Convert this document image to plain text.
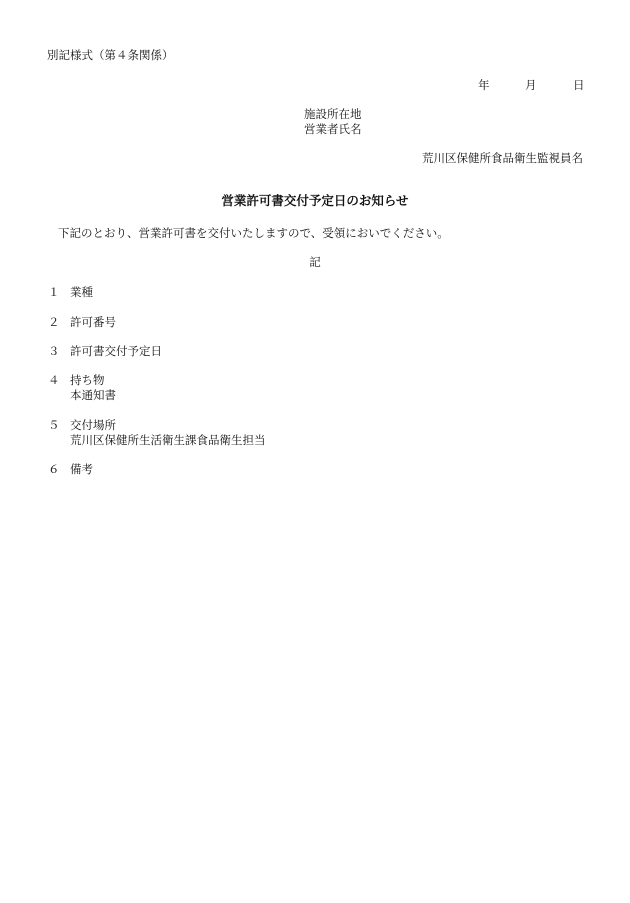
別記様式（第４条関係）
年	月	日
施設所在地
営業者氏名
荒川区保健所食品衛生監視員名
営業許可書交付予定日のお知らせ
下記のとおり、営業許可書を交付いたしますので、受領においでください。
記
１ 業種
２ 許可番号
３ 許可書交付予定日
４ 持ち物
本通知書
５ 交付場所
荒川区保健所生活衛生課食品衛生担当
６ 備考
